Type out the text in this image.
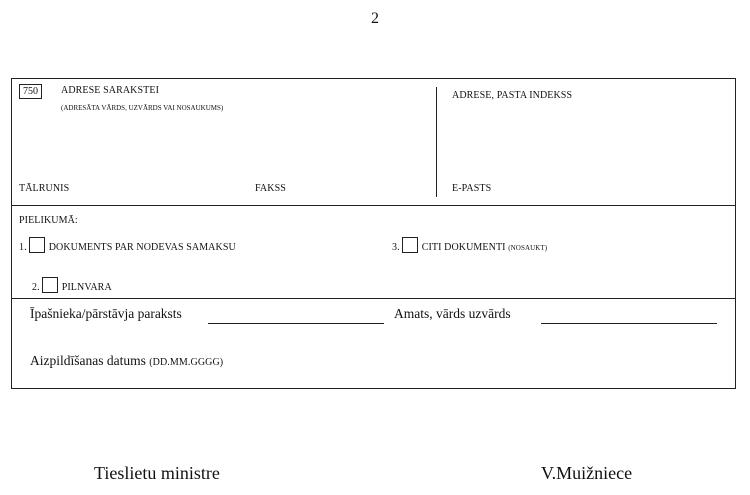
2
750	ADRESE SARAKSTEI
(ADRESĀTA VĀRDS, UZVĀRDS VAI NOSAUKUMS)
ADRESE, PASTA INDEKSS
TĀLRUNIS	FAKSS	E-PASTS
PIELIKUMĀ:
1. DOKUMENTS PAR NODEVAS SAMAKSU	3. CITI DOKUMENTI (NOSAUKT)
2. PILNVARA
Īpašnieka/pārstāvja paraksts	Amats, vārds uzvārds
Aizpildīšanas datums (DD.MM.GGGG)
Tieslietu ministre	V.Muižniece
